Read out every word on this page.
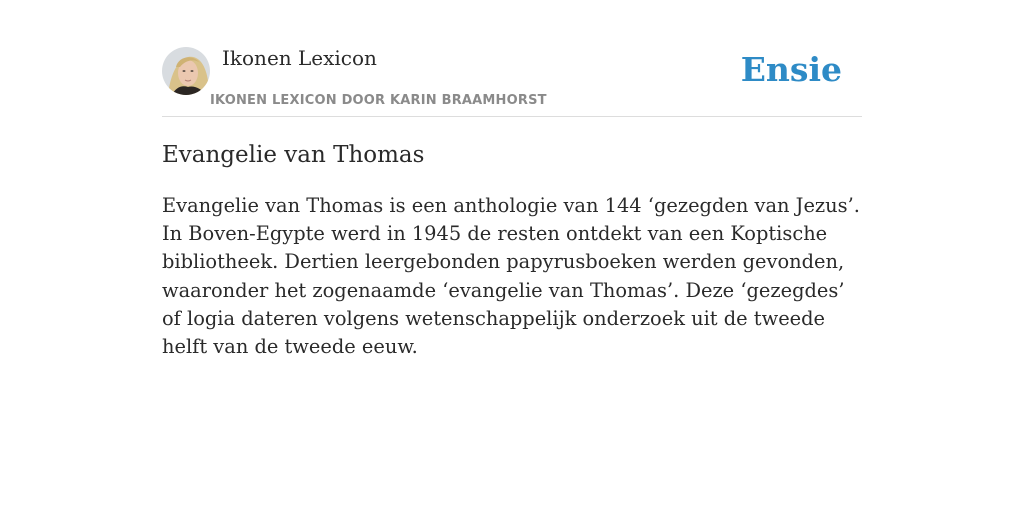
Ikonen Lexicon
IKONEN LEXICON DOOR KARIN BRAAMHORST
Ensie
Evangelie van Thomas

Evangelie van Thomas is een anthologie van 144 ‘gezegden van Jezus’. In Boven-Egypte werd in 1945 de resten ontdekt van een Koptische bibliotheek. Dertien leergebonden papyrusboeken werden gevonden, waaronder het zogenaamde ‘evangelie van Thomas’. Deze ‘gezegdes’ of logia dateren volgens wetenschappelijk onderzoek uit de tweede helft van de tweede eeuw.
